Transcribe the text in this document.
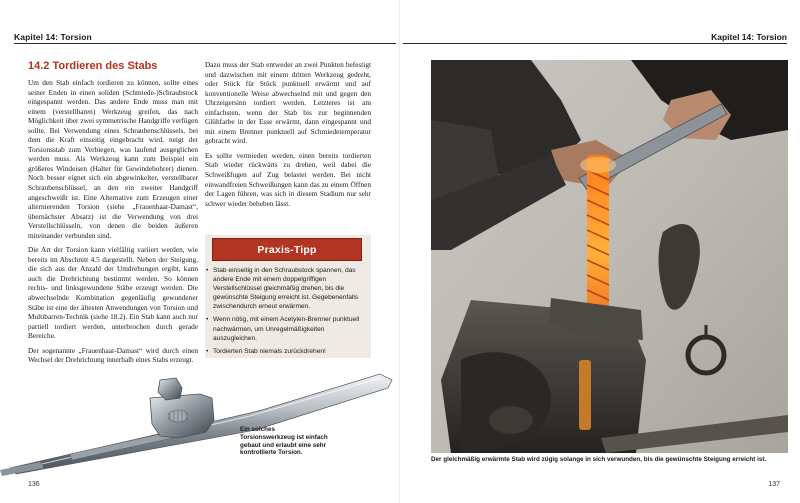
Kapitel 14: Torsion
14.2 Tordieren des Stabs

Um den Stab einfach tordieren zu können, sollte eines seiner Enden in einen soliden (Schmiede-)Schraubstock eingespannt werden. Das andere Ende muss man mit einem (verstellbaren) Werkzeug greifen, das nach Möglichkeit über zwei symmetrische Handgriffe verfügen sollte. Bei Verwendung eines Schraubenschlüssels, bei dem die Kraft einseitig eingebracht wird, neigt der Torsionsstab zum Verbiegen, was laufend ausgeglichen werden muss. Als Werkzeug kann zum Beispiel ein größeres Windeisen (Halter für Gewindebohrer) dienen. Noch besser eignet sich ein abgewinkelter, verstellbarer Schraubenschlüssel, an den ein zweiter Handgriff angeschweißt ist. Eine Alternative zum Erzeugen einer alternierenden Torsion (siehe „Frauenhaar-Damast“, übernächster Absatz) ist die Verwendung von drei Verstellschlüsseln, von denen die beiden äußeren miteinander verbunden sind.

Die Art der Torsion kann vielfältig variiert werden, wie bereits im Abschnitt 4.5 dargestellt. Neben der Steigung, die sich aus der Anzahl der Umdrehungen ergibt, kann auch die Drehrichtung bestimmt werden. So können rechts- und linksgewundene Stäbe erzeugt werden. Die abwechselnde Kombination gegenläufig gewundener Stäbe ist eine der ältesten Anwendungen von Torsion und Multibarren-Technik (siehe 18.2). Ein Stab kann auch nur partiell tordiert werden, unterbrochen durch gerade Bereiche.

Der sogenannte „Frauenhaar-Damast“ wird durch einen Wechsel der Drehrichtung innerhalb eines Stabs erzeugt.

Dazu muss der Stab entweder an zwei Punkten befestigt und dazwischen mit einem dritten Werkzeug gedreht, oder Stück für Stück punktuell erwärmt und auf konventionelle Weise abwechselnd mit und gegen den Uhrzeigersinn tordiert werden. Letzteres ist am einfachsten, wenn der Stab bis zur beginnenden Glühfarbe in der Esse erwärmt, dann eingespannt und mit einem Brenner punktuell auf Schmiedetemperatur gebracht wird.

Es sollte vermieden werden, einen bereits tordierten Stab wieder rückwärts zu drehen, weil dabei die Schweißfugen auf Zug belastet werden. Bei nicht einwandfreien Schweißungen kann das zu einem Öffnen der Lagen führen, was sich in diesem Stadium nur sehr schwer wieder beheben lässt.

Praxis-Tipp
• Stab einseitig in den Schraubstock spannen, das andere Ende mit einem doppelgriffigen Verstellschlüssel gleichmäßig drehen, bis die gewünschte Steigung erreicht ist. Gegebenenfalls zwischendurch erneut erwärmen.
• Wenn nötig, mit einem Acetylen-Brenner punktuell nachwärmen, um Unregelmäßigkeiten auszugleichen.
• Tordierten Stab niemals zurückdrehen!
Ein solches Torsionswerkzeug ist einfach gebaut und erlaubt eine sehr kontrollierte Torsion.
136
Kapitel 14: Torsion
137
Der gleichmäßig erwärmte Stab wird zügig solange in sich verwunden, bis die gewünschte Steigung erreicht ist.
